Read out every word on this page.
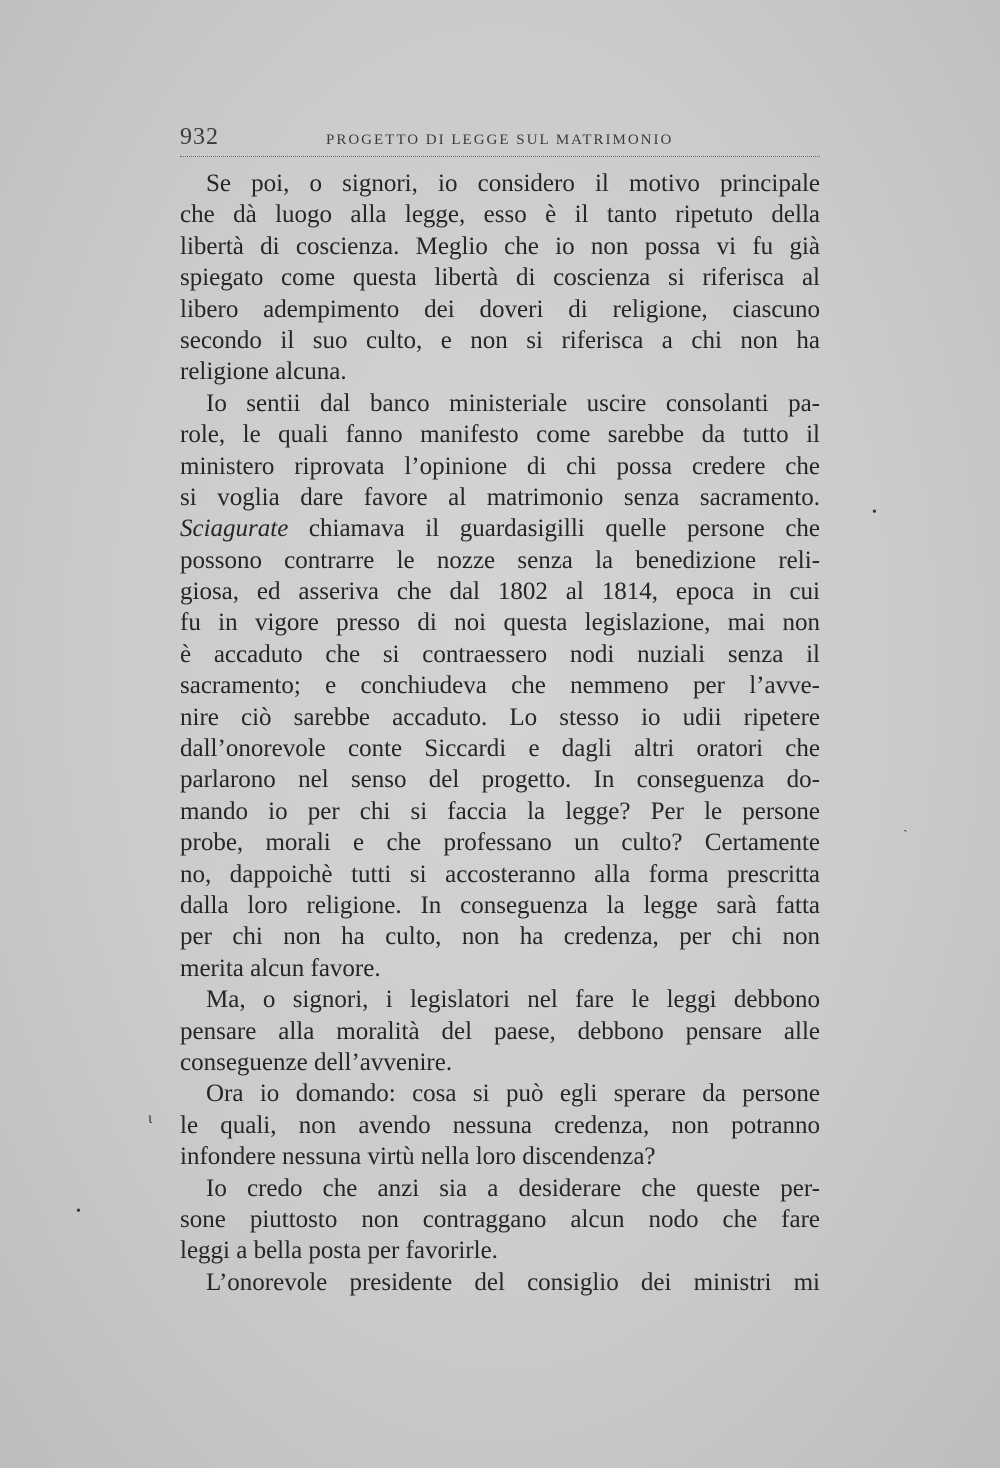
932	PROGETTO DI LEGGE SUL MATRIMONIO
Se poi, o signori, io considero il motivo principale
che dà luogo alla legge, esso è il tanto ripetuto della
libertà di coscienza. Meglio che io non possa vi fu già
spiegato come questa libertà di coscienza si riferisca al
libero adempimento dei doveri di religione, ciascuno
secondo il suo culto, e non si riferisca a chi non ha
religione alcuna.
Io sentii dal banco ministeriale uscire consolanti pa-
role, le quali fanno manifesto come sarebbe da tutto il
ministero riprovata l’opinione di chi possa credere che
si voglia dare favore al matrimonio senza sacramento.
Sciagurate chiamava il guardasigilli quelle persone che
possono contrarre le nozze senza la benedizione reli-
giosa, ed asseriva che dal 1802 al 1814, epoca in cui
fu in vigore presso di noi questa legislazione, mai non
è accaduto che si contraessero nodi nuziali senza il
sacramento; e conchiudeva che nemmeno per l’avve-
nire ciò sarebbe accaduto. Lo stesso io udii ripetere
dall’onorevole conte Siccardi e dagli altri oratori che
parlarono nel senso del progetto. In conseguenza do-
mando io per chi si faccia la legge? Per le persone
probe, morali e che professano un culto? Certamente
no, dappoichè tutti si accosteranno alla forma prescritta
dalla loro religione. In conseguenza la legge sarà fatta
per chi non ha culto, non ha credenza, per chi non
merita alcun favore.
Ma, o signori, i legislatori nel fare le leggi debbono
pensare alla moralità del paese, debbono pensare alle
conseguenze dell’avvenire.
Ora io domando: cosa si può egli sperare da persone
le quali, non avendo nessuna credenza, non potranno
infondere nessuna virtù nella loro discendenza?
Io credo che anzi sia a desiderare che queste per-
sone piuttosto non contraggano alcun nodo che fare
leggi a bella posta per favorirle.
L’onorevole presidente del consiglio dei ministri mi
•
ˎ
•
ɩ
